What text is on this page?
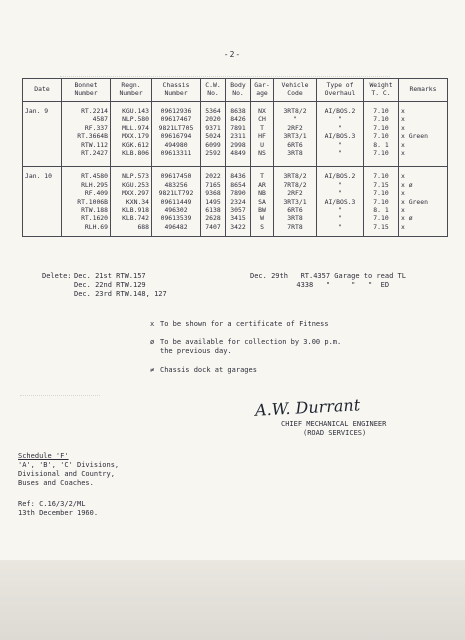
-2-
Date	Bonnet Number	Regn. Number	Chassis Number	C.W. No.	Body No.	Gar-age	Vehicle Code	Type of Overhaul	Weight T. C.	Remarks

Jan. 9	RT.2214	KGU.143	09612936	5364	8638	NX	3RT8/2	AI/BOS.2	7.10	x
	4587	NLP.580	09617467	2020	8426	CH	"	"	7.10	x
	RF.337	MLL.974	9821LT705	9371	7891	T	2RF2	"	7.10	x
	RT.3664B	MXX.179	09616794	5024	2311	HF	3RT3/1	AI/BOS.3	7.10	x Green
	RTW.112	KGK.612	494980	6099	2998	U	6RT6	"	8. 1	x
	RT.2427	KLB.806	09613311	2592	4849	NS	3RT8	"	7.10	x

Jan. 10	RT.4580	NLP.573	09617450	2022	8436	T	3RT8/2	AI/BOS.2	7.10	x
	RLH.295	KGU.253	483256	7165	8654	AR	7RT8/2	"	7.15	x ø
	RF.409	MXX.297	9821LT792	9368	7890	NB	2RF2	"	7.10	x
	RT.1006B	KXN.34	09611449	1495	2324	SA	3RT3/1	AI/BOS.3	7.10	x Green
	RTW.188	KLB.918	496302	6138	3057	BW	6RT6	"	8. 1	x
	RT.1620	KLB.742	09613539	2628	3415	W	3RT8	"	7.10	x ø
	RLH.69	688	496482	7407	3422	S	7RT8	"	7.15	x

Delete: Dec. 21st RTW.157
Dec. 22nd RTW.129
Dec. 23rd RTW.148, 127
Dec. 29th   RT.4357 Garage to read TL
4338   "     "   "  ED
x To be shown for a certificate of Fitness
ø To be available for collection by 3.00 p.m.
the previous day.
≠ Chassis dock at garages
A.W. Durrant
CHIEF MECHANICAL ENGINEER
(ROAD SERVICES)
Schedule 'F'
'A', 'B', 'C' Divisions,
Divisional and Country,
Buses and Coaches.
Ref: C.16/3/2/ML
13th December 1960.
